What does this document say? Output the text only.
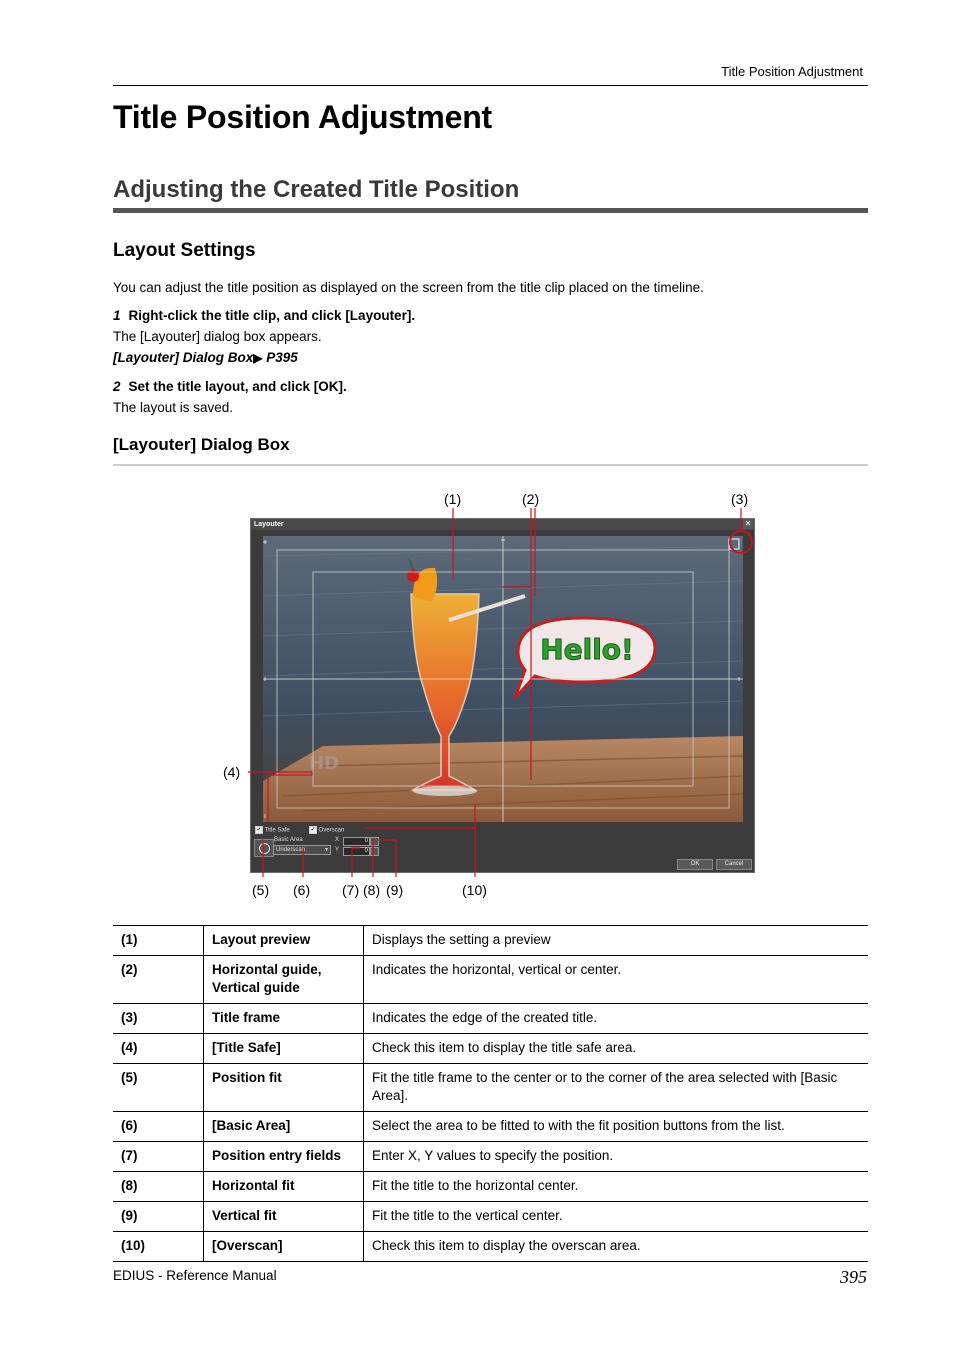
Title Position Adjustment
Title Position Adjustment
Adjusting the Created Title Position
Layout Settings
You can adjust the title position as displayed on the screen from the title clip placed on the timeline.
1 Right-click the title clip, and click [Layouter].
The [Layouter] dialog box appears.
[Layouter] Dialog Box▶ P395
2 Set the title layout, and click [OK].
The layout is saved.
[Layouter] Dialog Box
Layouter	✕
Hello!
HD
✓ Title Safe	✓ Overscan
Basic Area
Underscan	▾
X	0
Y	0
OK	Cancel
(1)	(2)	(3)
(4)
(5) (6) (7) (8) (9)	(10)
(1)	Layout preview	Displays the setting a preview
(2)	Horizontal guide, Vertical guide	Indicates the horizontal, vertical or center.
(3)	Title frame	Indicates the edge of the created title.
(4)	[Title Safe]	Check this item to display the title safe area.
(5)	Position fit	Fit the title frame to the center or to the corner of the area selected with [Basic Area].
(6)	[Basic Area]	Select the area to be fitted to with the fit position buttons from the list.
(7)	Position entry fields	Enter X, Y values to specify the position.
(8)	Horizontal fit	Fit the title to the horizontal center.
(9)	Vertical fit	Fit the title to the vertical center.
(10)	[Overscan]	Check this item to display the overscan area.
EDIUS - Reference Manual	395
